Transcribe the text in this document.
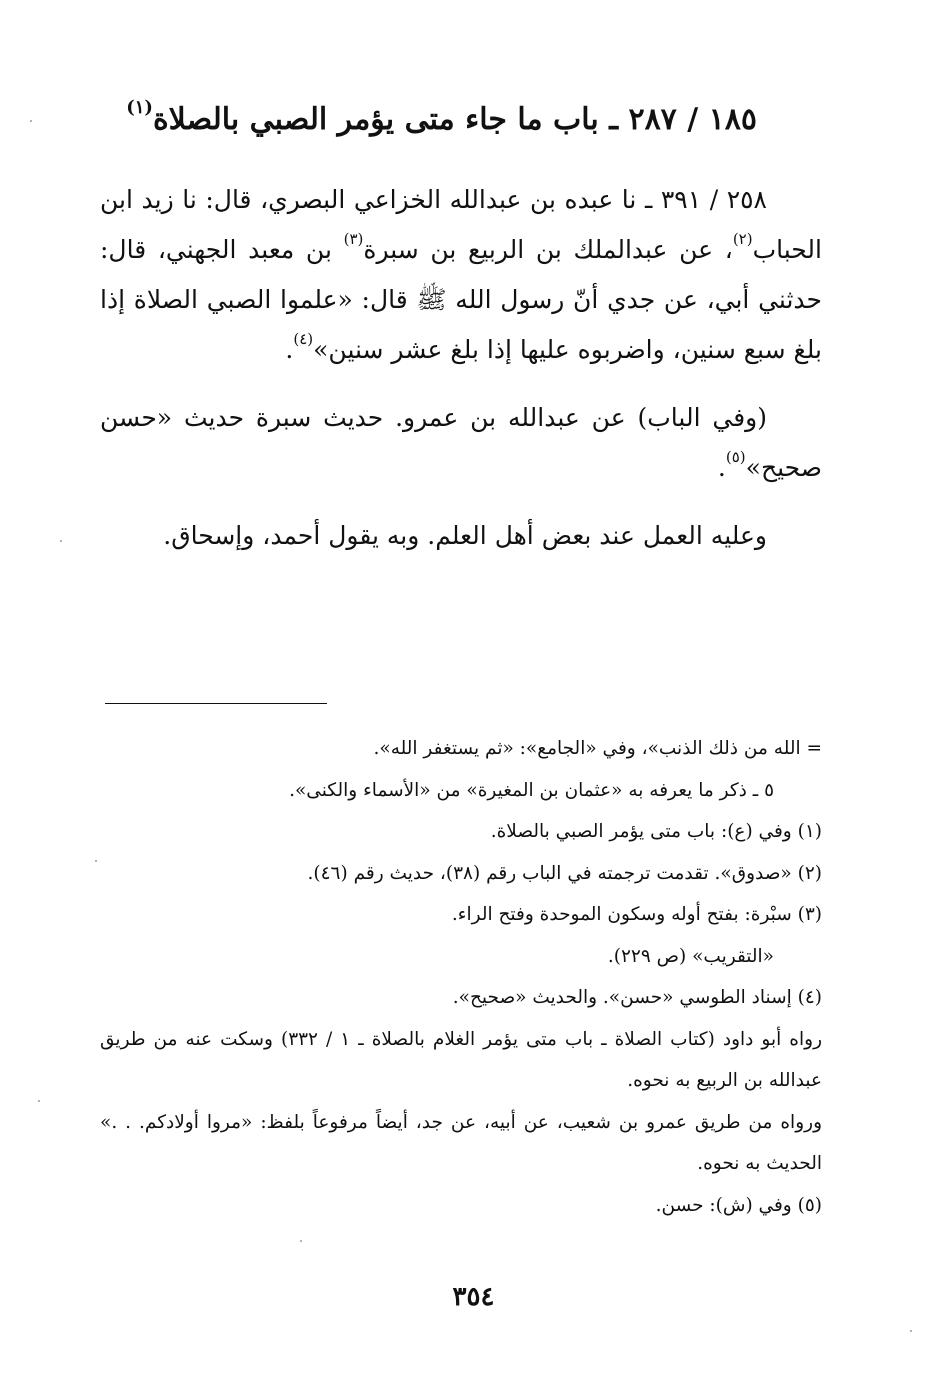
١٨٥ / ٢٨٧ ـ باب ما جاء متى يؤمر الصبي بالصلاة$^{(١)}$

٢٥٨ / ٣٩١ ـ نا عبده بن عبدالله الخزاعي البصري، قال: نا زيد ابن الحباب$^{(٢)}$، عن عبدالملك بن الربيع بن سبرة$^{(٣)}$ بن معبد الجهني، قال: حدثني أبي، عن جدي أنّ رسول الله ﷺ قال: «علموا الصبي الصلاة إذا بلغ سبع سنين، واضربوه عليها إذا بلغ عشر سنين»$^{(٤)}$.

(وفي الباب) عن عبدالله بن عمرو. حديث سبرة حديث «حسن صحيح»$^{(٥)}$.

وعليه العمل عند بعض أهل العلم. وبه يقول أحمد، وإسحاق.

= الله من ذلك الذنب»، وفي «الجامع»: «ثم يستغفر الله».

٥ ـ ذكر ما يعرفه به «عثمان بن المغيرة» من «الأسماء والكنى».

(١) وفي (ع): باب متى يؤمر الصبي بالصلاة.

(٢) «صدوق». تقدمت ترجمته في الباب رقم (٣٨)، حديث رقم (٤٦).

(٣) سبْرة: بفتح أوله وسكون الموحدة وفتح الراء.

«التقريب» (ص ٢٢٩).

(٤) إسناد الطوسي «حسن». والحديث «صحيح».

رواه أبو داود (كتاب الصلاة ـ باب متى يؤمر الغلام بالصلاة ـ ١ / ٣٣٢) وسكت عنه من طريق عبدالله بن الربيع به نحوه.

ورواه من طريق عمرو بن شعيب، عن أبيه، عن جد، أيضاً مرفوعاً بلفظ: «مروا أولادكم. . .» الحديث به نحوه.

(٥) وفي (ش): حسن.

٣٥٤
